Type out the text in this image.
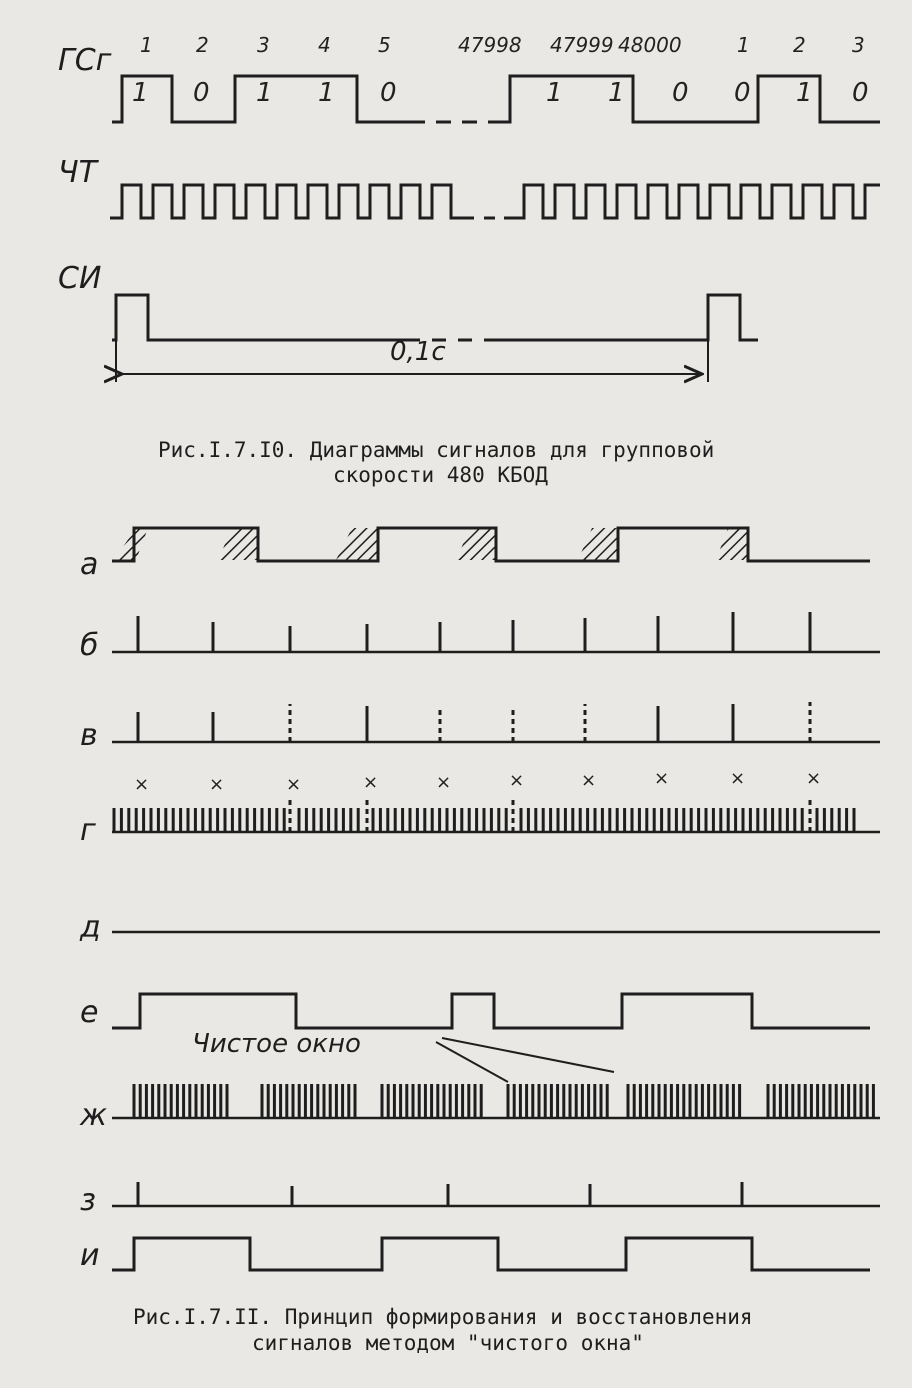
ГСг
ЧТ
СИ
1 2 3 4 5	47998 47999 48000	1 2 3
1 0 1 1 0	1 1 0 0 1 0
0,1с
Рис.I.7.I0. Диаграммы сигналов для групповой
скорости 480 КБОД
а
б
в
г
д
е
ж
з
и
×	×	×	×	×	×	×	×	×	×
Чистое окно
Рис.I.7.II. Принцип формирования и восстановления
сигналов методом "чистого окна"
